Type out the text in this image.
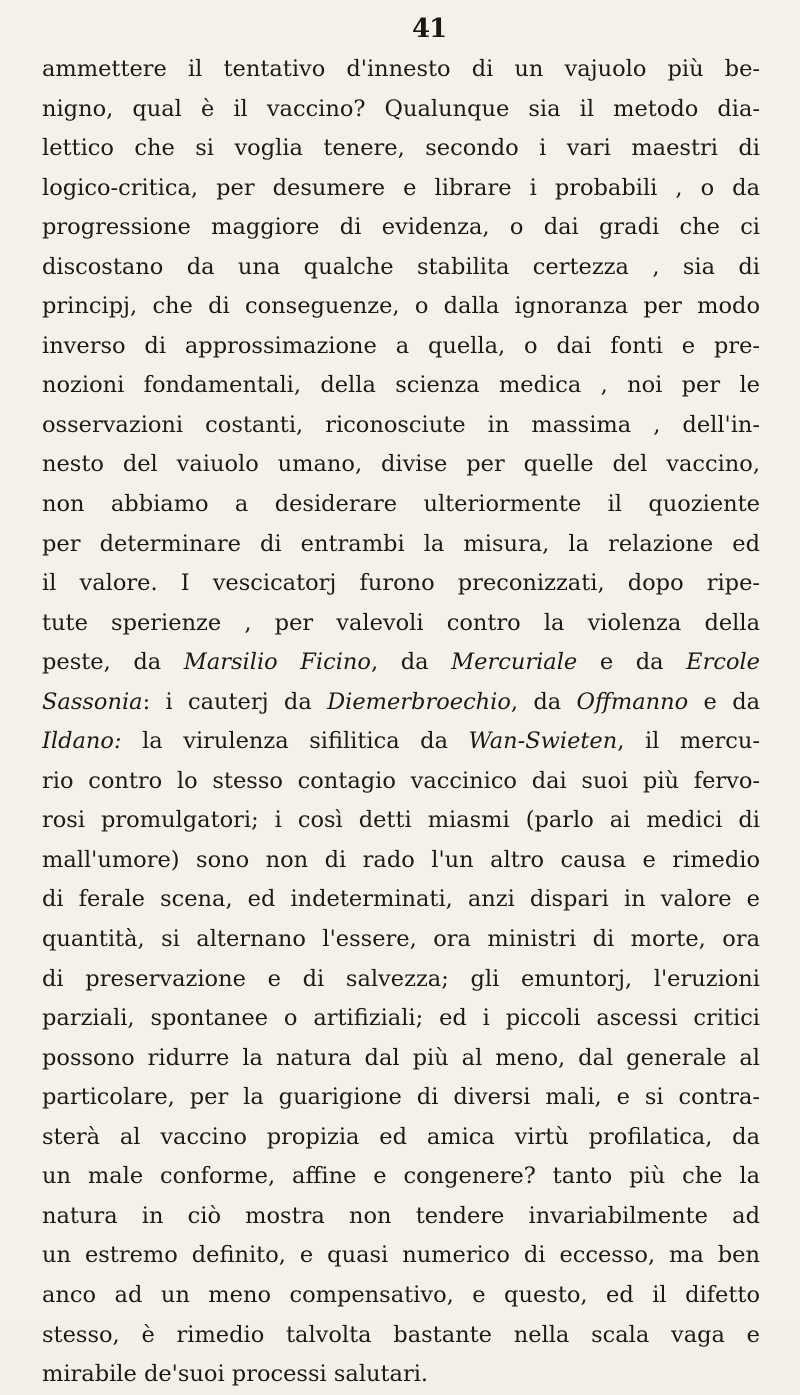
41
ammettere il tentativo d'innesto di un vajuolo più be-
nigno, qual è il vaccino? Qualunque sia il metodo dia-
lettico che si voglia tenere, secondo i vari maestri di
logico-critica, per desumere e librare i probabili , o da
progressione maggiore di evidenza, o dai gradi che ci
discostano da una qualche stabilita certezza , sia di
principj, che di conseguenze, o dalla ignoranza per modo
inverso di approssimazione a quella, o dai fonti e pre-
nozioni fondamentali, della scienza medica , noi per le
osservazioni costanti, riconosciute in massima , dell'in-
nesto del vaiuolo umano, divise per quelle del vaccino,
non abbiamo a desiderare ulteriormente il quoziente
per determinare di entrambi la misura, la relazione ed
il valore. I vescicatorj furono preconizzati, dopo ripe-
tute sperienze , per valevoli contro la violenza della
peste, da Marsilio Ficino, da Mercuriale e da Ercole
Sassonia: i cauterj da Diemerbroechio, da Offmanno e da
Ildano: la virulenza sifilitica da Wan-Swieten, il mercu-
rio contro lo stesso contagio vaccinico dai suoi più fervo-
rosi promulgatori; i così detti miasmi (parlo ai medici di
mall'umore) sono non di rado l'un altro causa e rimedio
di ferale scena, ed indeterminati, anzi dispari in valore e
quantità, si alternano l'essere, ora ministri di morte, ora
di preservazione e di salvezza; gli emuntorj, l'eruzioni
parziali, spontanee o artifiziali; ed i piccoli ascessi critici
possono ridurre la natura dal più al meno, dal generale al
particolare, per la guarigione di diversi mali, e si contra-
sterà al vaccino propizia ed amica virtù profilatica, da
un male conforme, affine e congenere? tanto più che la
natura in ciò mostra non tendere invariabilmente ad
un estremo definito, e quasi numerico di eccesso, ma ben
anco ad un meno compensativo, e questo, ed il difetto
stesso, è rimedio talvolta bastante nella scala vaga e
mirabile de'suoi processi salutari.
